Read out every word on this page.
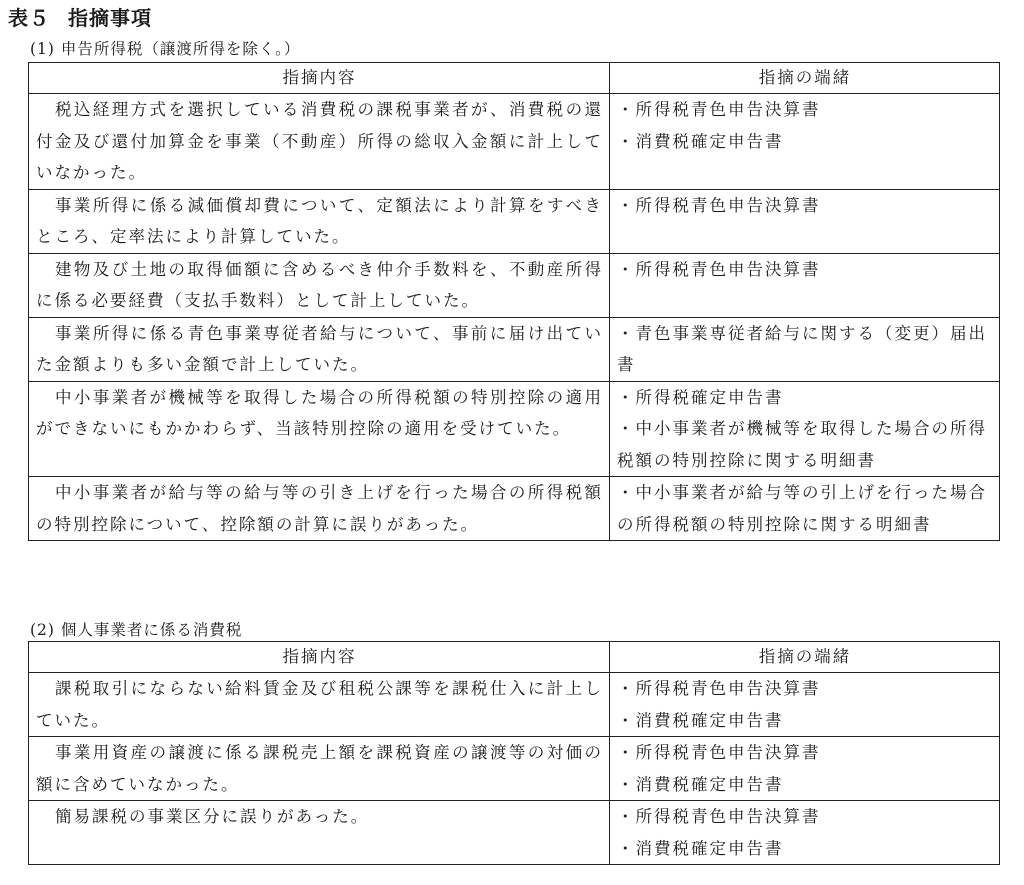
表５ 指摘事項
(1) 申告所得税（譲渡所得を除く。）
指摘内容	指摘の端緒
税込経理方式を選択している消費税の課税事業者が、消費税の還付金及び還付加算金を事業（不動産）所得の総収入金額に計上していなかった。	・所得税青色申告決算書
・消費税確定申告書

事業所得に係る減価償却費について、定額法により計算をすべきところ、定率法により計算していた。	・所得税青色申告決算書

建物及び土地の取得価額に含めるべき仲介手数料を、不動産所得に係る必要経費（支払手数料）として計上していた。	・所得税青色申告決算書

事業所得に係る青色事業専従者給与について、事前に届け出ていた金額よりも多い金額で計上していた。	・青色事業専従者給与に関する（変更）届出書

中小事業者が機械等を取得した場合の所得税額の特別控除の適用ができないにもかかわらず、当該特別控除の適用を受けていた。	・所得税確定申告書
・中小事業者が機械等を取得した場合の所得税額の特別控除に関する明細書

中小事業者が給与等の給与等の引き上げを行った場合の所得税額の特別控除について、控除額の計算に誤りがあった。	・中小事業者が給与等の引上げを行った場合の所得税額の特別控除に関する明細書
(2) 個人事業者に係る消費税
指摘内容	指摘の端緒
課税取引にならない給料賃金及び租税公課等を課税仕入に計上していた。	・所得税青色申告決算書
・消費税確定申告書

事業用資産の譲渡に係る課税売上額を課税資産の譲渡等の対価の額に含めていなかった。	・所得税青色申告決算書
・消費税確定申告書

簡易課税の事業区分に誤りがあった。	・所得税青色申告決算書
・消費税確定申告書
